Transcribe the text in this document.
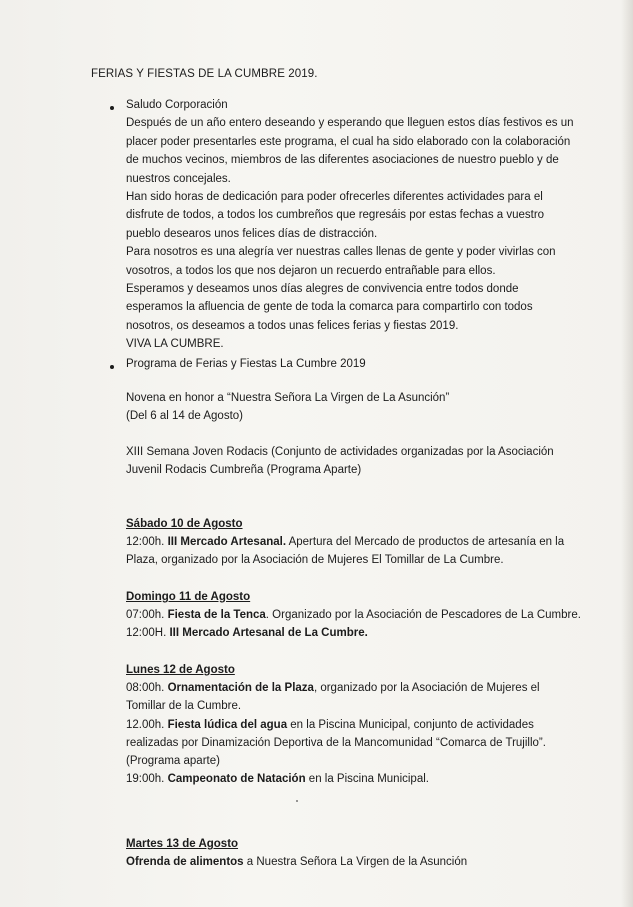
FERIAS Y FIESTAS DE LA CUMBRE 2019.
Saludo Corporación
Después de un año entero deseando y esperando que lleguen estos días festivos es un
placer poder presentarles este programa, el cual ha sido elaborado con la colaboración
de muchos vecinos, miembros de las diferentes asociaciones de nuestro pueblo y de
nuestros concejales.
Han sido horas de dedicación para poder ofrecerles diferentes actividades para el
disfrute de todos, a todos los cumbreños que regresáis por estas fechas a vuestro
pueblo desearos unos felices días de distracción.
Para nosotros es una alegría ver nuestras calles llenas de gente y poder vivirlas con
vosotros, a todos los que nos dejaron un recuerdo entrañable para ellos.
Esperamos y deseamos unos días alegres de convivencia entre todos donde
esperamos la afluencia de gente de toda la comarca para compartirlo con todos
nosotros, os deseamos a todos unas felices ferias y fiestas 2019.
VIVA LA CUMBRE.
Programa de Ferias y Fiestas La Cumbre 2019
Novena en honor a “Nuestra Señora La Virgen de La Asunción”
(Del 6 al 14 de Agosto)
XIII Semana Joven Rodacis (Conjunto de actividades organizadas por la Asociación
Juvenil Rodacis Cumbreña (Programa Aparte)
Sábado 10 de Agosto
12:00h. III Mercado Artesanal. Apertura del Mercado de productos de artesanía en la
Plaza, organizado por la Asociación de Mujeres El Tomillar de La Cumbre.
Domingo 11 de Agosto
07:00h. Fiesta de la Tenca. Organizado por la Asociación de Pescadores de La Cumbre.
12:00H. III Mercado Artesanal de La Cumbre.
Lunes 12 de Agosto
08:00h. Ornamentación de la Plaza, organizado por la Asociación de Mujeres el
Tomillar de la Cumbre.
12.00h. Fiesta lúdica del agua en la Piscina Municipal, conjunto de actividades
realizadas por Dinamización Deportiva de la Mancomunidad “Comarca de Trujillo”.
(Programa aparte)
19:00h. Campeonato de Natación en la Piscina Municipal.
Martes 13 de Agosto
Ofrenda de alimentos a Nuestra Señora La Virgen de la Asunción
